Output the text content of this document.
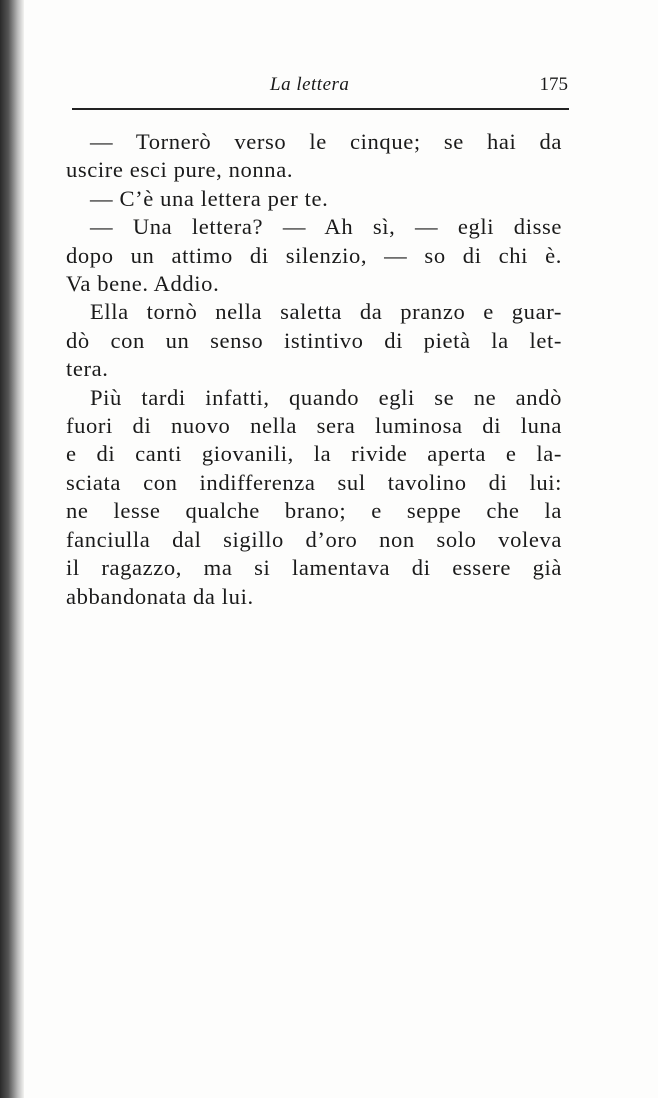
La lettera	175
— Tornerò verso le cinque; se hai da
uscire esci pure, nonna.
— C’è una lettera per te.
— Una lettera? — Ah sì, — egli disse
dopo un attimo di silenzio, — so di chi è.
Va bene. Addio.
Ella tornò nella saletta da pranzo e guar-
dò con un senso istintivo di pietà la let-
tera.
Più tardi infatti, quando egli se ne andò
fuori di nuovo nella sera luminosa di luna
e di canti giovanili, la rivide aperta e la-
sciata con indifferenza sul tavolino di lui:
ne lesse qualche brano; e seppe che la
fanciulla dal sigillo d’oro non solo voleva
il ragazzo, ma si lamentava di essere già
abbandonata da lui.
